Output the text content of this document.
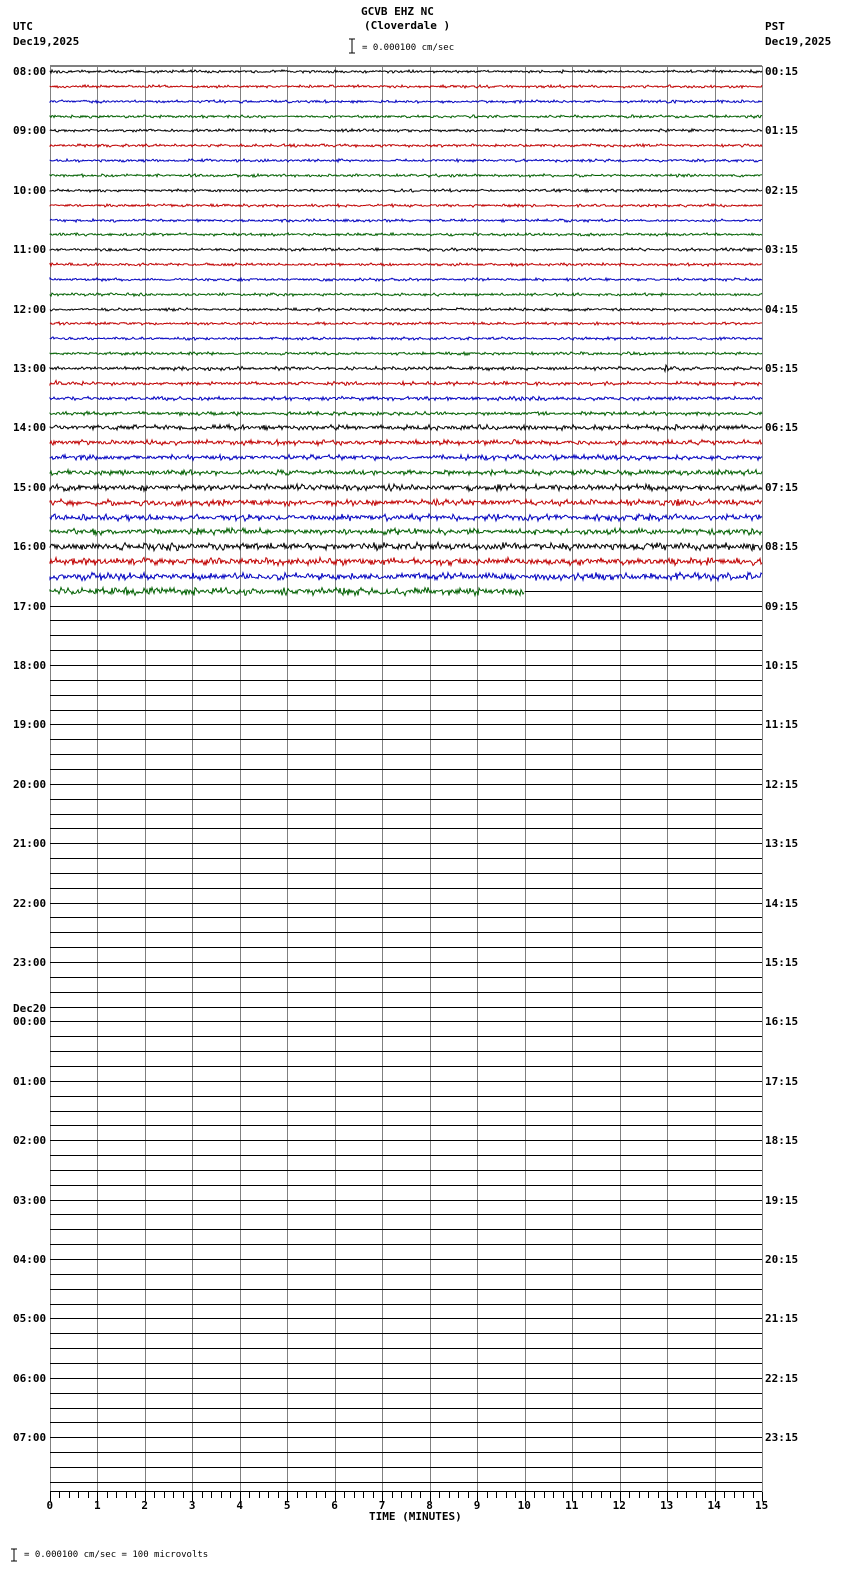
GCVB EHZ NC
(Cloverdale )
= 0.000100 cm/sec
UTC
Dec19,2025
PST
Dec19,2025
0	1	2	3	4	5	6	7	8	9	10	11	12	13	14	15
08:00	00:15
09:00	01:15
10:00	02:15
11:00	03:15
12:00	04:15
13:00	05:15
14:00	06:15
15:00	07:15
16:00	08:15
17:00	09:15
18:00	10:15
19:00	11:15
20:00	12:15
21:00	13:15
22:00	14:15
23:00	15:15
Dec20
00:00	16:15
01:00	17:15
02:00	18:15
03:00	19:15
04:00	20:15
05:00	21:15
06:00	22:15
07:00	23:15
TIME (MINUTES)
= 0.000100 cm/sec = 100 microvolts
